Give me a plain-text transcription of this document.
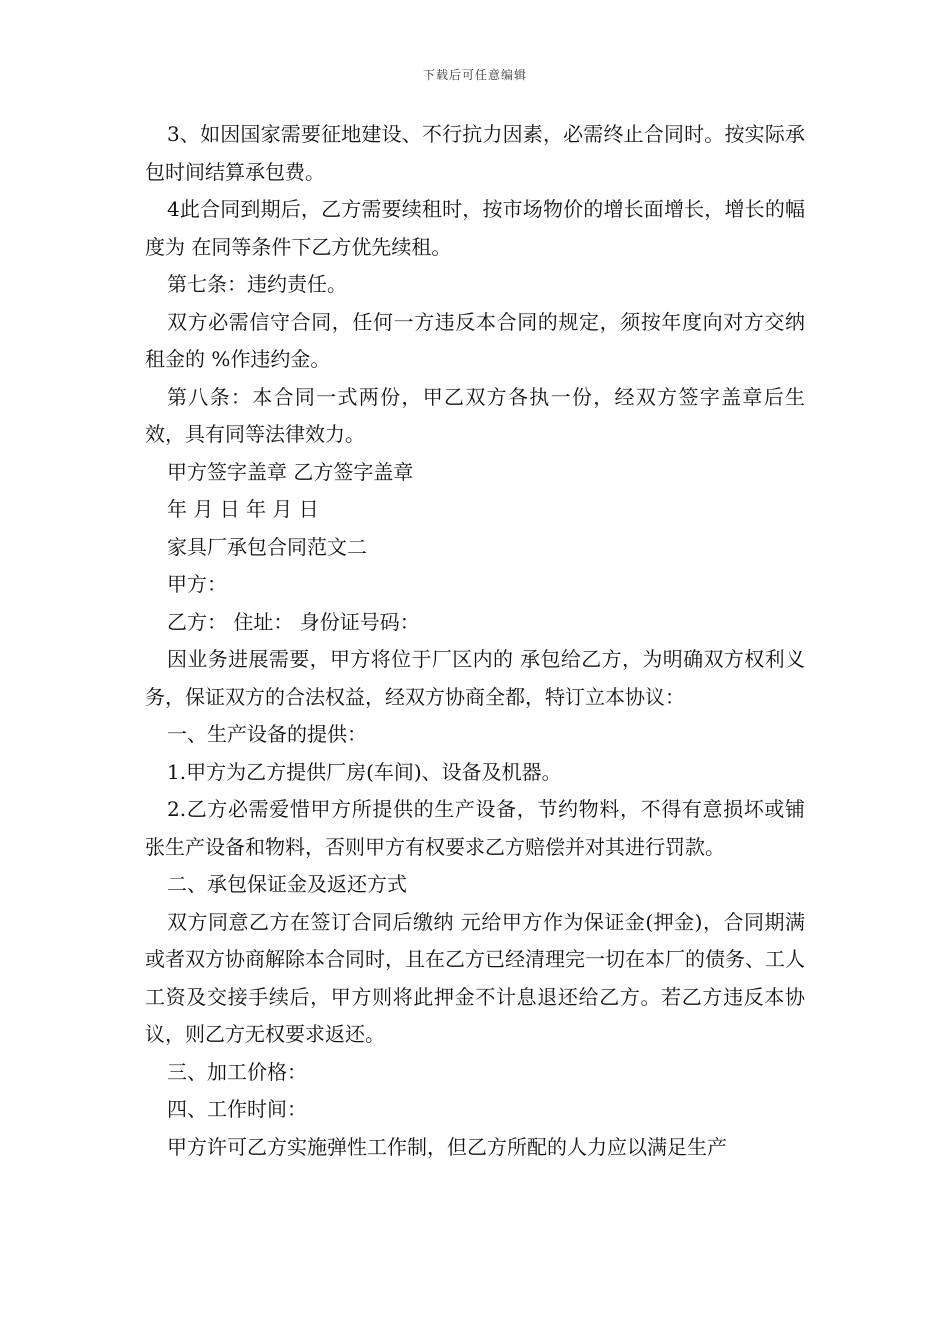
下载后可任意编辑

3、如因国家需要征地建设、不行抗力因素，必需终止合同时。按实际承包时间结算承包费。

4此合同到期后，乙方需要续租时，按市场物价的增长面增长，增长的幅度为 在同等条件下乙方优先续租。

第七条：违约责任。

双方必需信守合同，任何一方违反本合同的规定，须按年度向对方交纳租金的 %作违约金。

第八条：本合同一式两份，甲乙双方各执一份，经双方签字盖章后生效，具有同等法律效力。

甲方签字盖章 乙方签字盖章

年 月 日 年 月 日

家具厂承包合同范文二

甲方：

乙方： 住址： 身份证号码：

因业务进展需要，甲方将位于厂区内的 承包给乙方，为明确双方权利义务，保证双方的合法权益，经双方协商全都，特订立本协议：

一、生产设备的提供：

1.甲方为乙方提供厂房(车间)、设备及机器。

2.乙方必需爱惜甲方所提供的生产设备，节约物料，不得有意损坏或铺张生产设备和物料，否则甲方有权要求乙方赔偿并对其进行罚款。

二、承包保证金及返还方式

双方同意乙方在签订合同后缴纳 元给甲方作为保证金(押金)，合同期满或者双方协商解除本合同时，且在乙方已经清理完一切在本厂的债务、工人工资及交接手续后，甲方则将此押金不计息退还给乙方。若乙方违反本协议，则乙方无权要求返还。

三、加工价格：

四、工作时间：

甲方许可乙方实施弹性工作制，但乙方所配的人力应以满足生产
